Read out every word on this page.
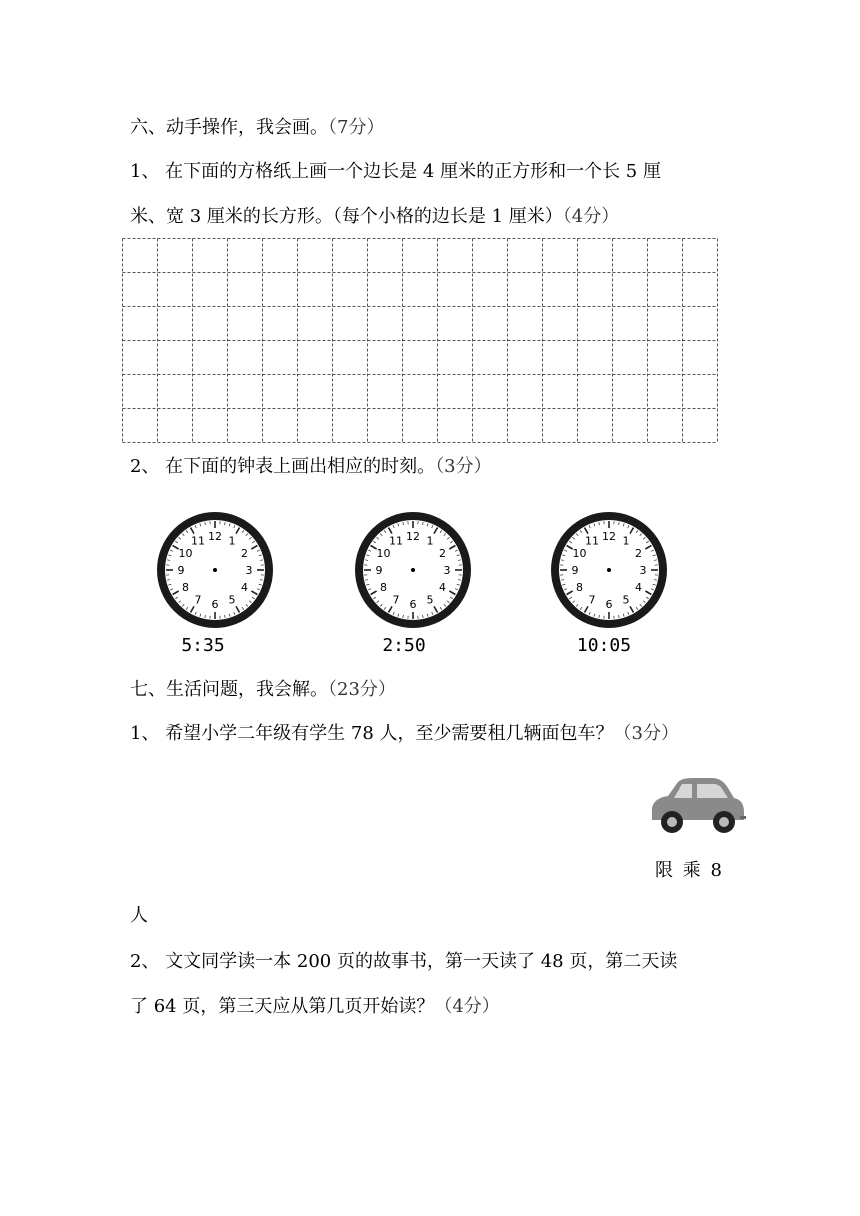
六、动手操作，我会画。（7分）
1、 在下面的方格纸上画一个边长是 4 厘米的正方形和一个长 5 厘
米、宽 3 厘米的长方形。（每个小格的边长是 1 厘米）（4分）
2、 在下面的钟表上画出相应的时刻。（3分）
12 1
2
3
4
5
6
7
8
9
10
11	12 1
2
3
4
5
6
7
8
9
10
11	12 1
2
3
4
5
6
7
8
9
10
11
5:35	2:50	10:05
七、生活问题，我会解。（23分）
1、 希望小学二年级有学生 78 人，至少需要租几辆面包车？（3分）
限 乘 8
人
2、 文文同学读一本 200 页的故事书，第一天读了 48 页，第二天读
了 64 页，第三天应从第几页开始读？（4分）
